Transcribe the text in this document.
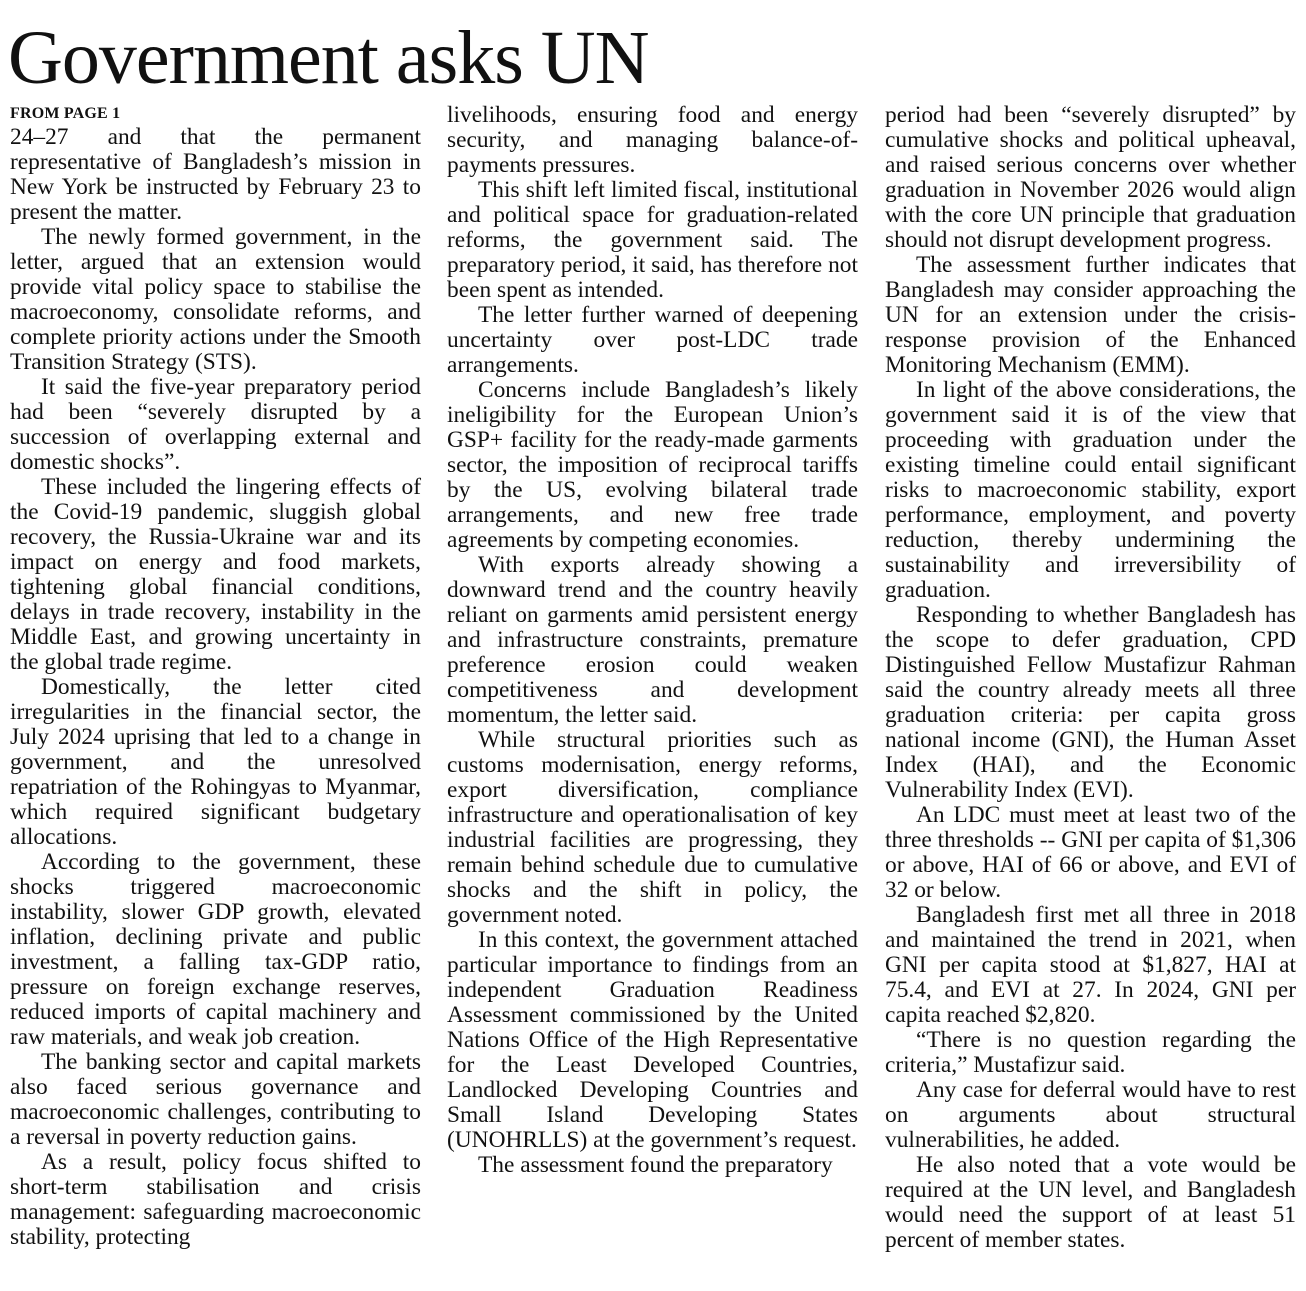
Government asks UN
FROM PAGE 1

24–27 and that the permanent representative of Bangladesh’s mission in New York be instructed by February 23 to present the matter.

The newly formed government, in the letter, argued that an extension would provide vital policy space to stabilise the macroeconomy, consolidate reforms, and complete priority actions under the Smooth Transition Strategy (STS).

It said the five-year preparatory period had been “severely disrupted by a succession of overlapping external and domestic shocks”.

These included the lingering effects of the Covid-19 pandemic, sluggish global recovery, the Russia-Ukraine war and its impact on energy and food markets, tightening global financial conditions, delays in trade recovery, instability in the Middle East, and growing uncertainty in the global trade regime.

Domestically, the letter cited irregularities in the financial sector, the July 2024 uprising that led to a change in government, and the unresolved repatriation of the Rohingyas to Myanmar, which required significant budgetary allocations.

According to the government, these shocks triggered macroeconomic instability, slower GDP growth, elevated inflation, declining private and public investment, a falling tax-GDP ratio, pressure on foreign exchange reserves, reduced imports of capital machinery and raw materials, and weak job creation.

The banking sector and capital markets also faced serious governance and macroeconomic challenges, contributing to a reversal in poverty reduction gains.

As a result, policy focus shifted to short-term stabilisation and crisis management: safeguarding macroeconomic stability, protecting

livelihoods, ensuring food and energy security, and managing balance-of-payments pressures.

This shift left limited fiscal, institutional and political space for graduation-related reforms, the government said. The preparatory period, it said, has therefore not been spent as intended.

The letter further warned of deepening uncertainty over post-LDC trade arrangements.

Concerns include Bangladesh’s likely ineligibility for the European Union’s GSP+ facility for the ready-made garments sector, the imposition of reciprocal tariffs by the US, evolving bilateral trade arrangements, and new free trade agreements by competing economies.

With exports already showing a downward trend and the country heavily reliant on garments amid persistent energy and infrastructure constraints, premature preference erosion could weaken competitiveness and development momentum, the letter said.

While structural priorities such as customs modernisation, energy reforms, export diversification, compliance infrastructure and operationalisation of key industrial facilities are progressing, they remain behind schedule due to cumulative shocks and the shift in policy, the government noted.

In this context, the government attached particular importance to findings from an independent Graduation Readiness Assessment commissioned by the United Nations Office of the High Representative for the Least Developed Countries, Landlocked Developing Countries and Small Island Developing States (UNOHRLLS) at the government’s request.

The assessment found the preparatory

period had been “severely disrupted” by cumulative shocks and political upheaval, and raised serious concerns over whether graduation in November 2026 would align with the core UN principle that graduation should not disrupt development progress.

The assessment further indicates that Bangladesh may consider approaching the UN for an extension under the crisis-response provision of the Enhanced Monitoring Mechanism (EMM).

In light of the above considerations, the government said it is of the view that proceeding with graduation under the existing timeline could entail significant risks to macroeconomic stability, export performance, employment, and poverty reduction, thereby undermining the sustainability and irreversibility of graduation.

Responding to whether Bangladesh has the scope to defer graduation, CPD Distinguished Fellow Mustafizur Rahman said the country already meets all three graduation criteria: per capita gross national income (GNI), the Human Asset Index (HAI), and the Economic Vulnerability Index (EVI).

An LDC must meet at least two of the three thresholds -- GNI per capita of $1,306 or above, HAI of 66 or above, and EVI of 32 or below.

Bangladesh first met all three in 2018 and maintained the trend in 2021, when GNI per capita stood at $1,827, HAI at 75.4, and EVI at 27. In 2024, GNI per capita reached $2,820.

“There is no question regarding the criteria,” Mustafizur said.

Any case for deferral would have to rest on arguments about structural vulnerabilities, he added.

He also noted that a vote would be required at the UN level, and Bangladesh would need the support of at least 51 percent of member states.
